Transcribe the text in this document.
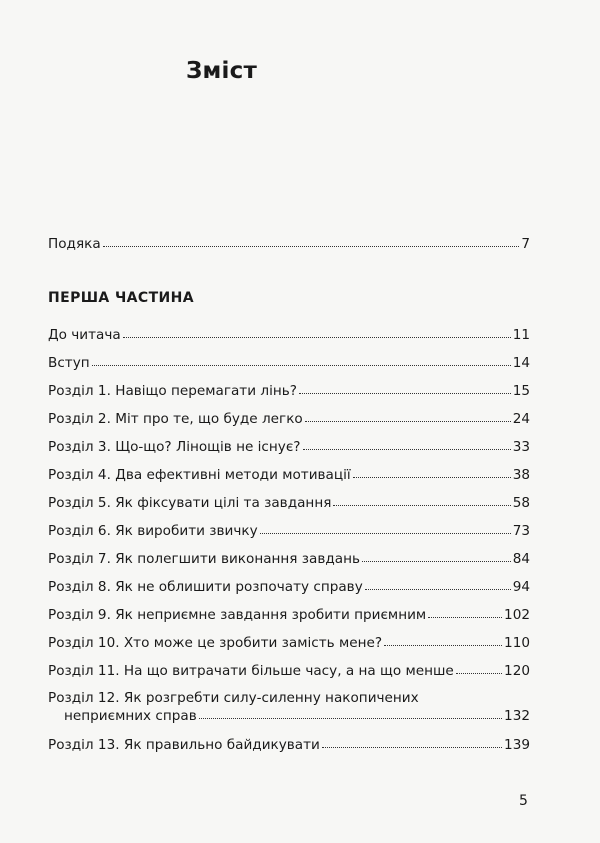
Зміст
Подяка	7
ПЕРША ЧАСТИНА
До читача	11
Вступ	14
Розділ 1. Навіщо перемагати лінь?	15
Розділ 2. Міт про те, що буде легко	24
Розділ 3. Що-що? Лінощів не існує?	33
Розділ 4. Два ефективні методи мотивації	38
Розділ 5. Як фіксувати цілі та завдання	58
Розділ 6. Як виробити звичку	73
Розділ 7. Як полегшити виконання завдань	84
Розділ 8. Як не облишити розпочату справу	94
Розділ 9. Як неприємне завдання зробити приємним	102
Розділ 10. Хто може це зробити замість мене?	110
Розділ 11. На що витрачати більше часу, а на що менше	120
Розділ 12. Як розгребти силу-силенну накопичених
неприємних справ	132
Розділ 13. Як правильно байдикувати	139
5
